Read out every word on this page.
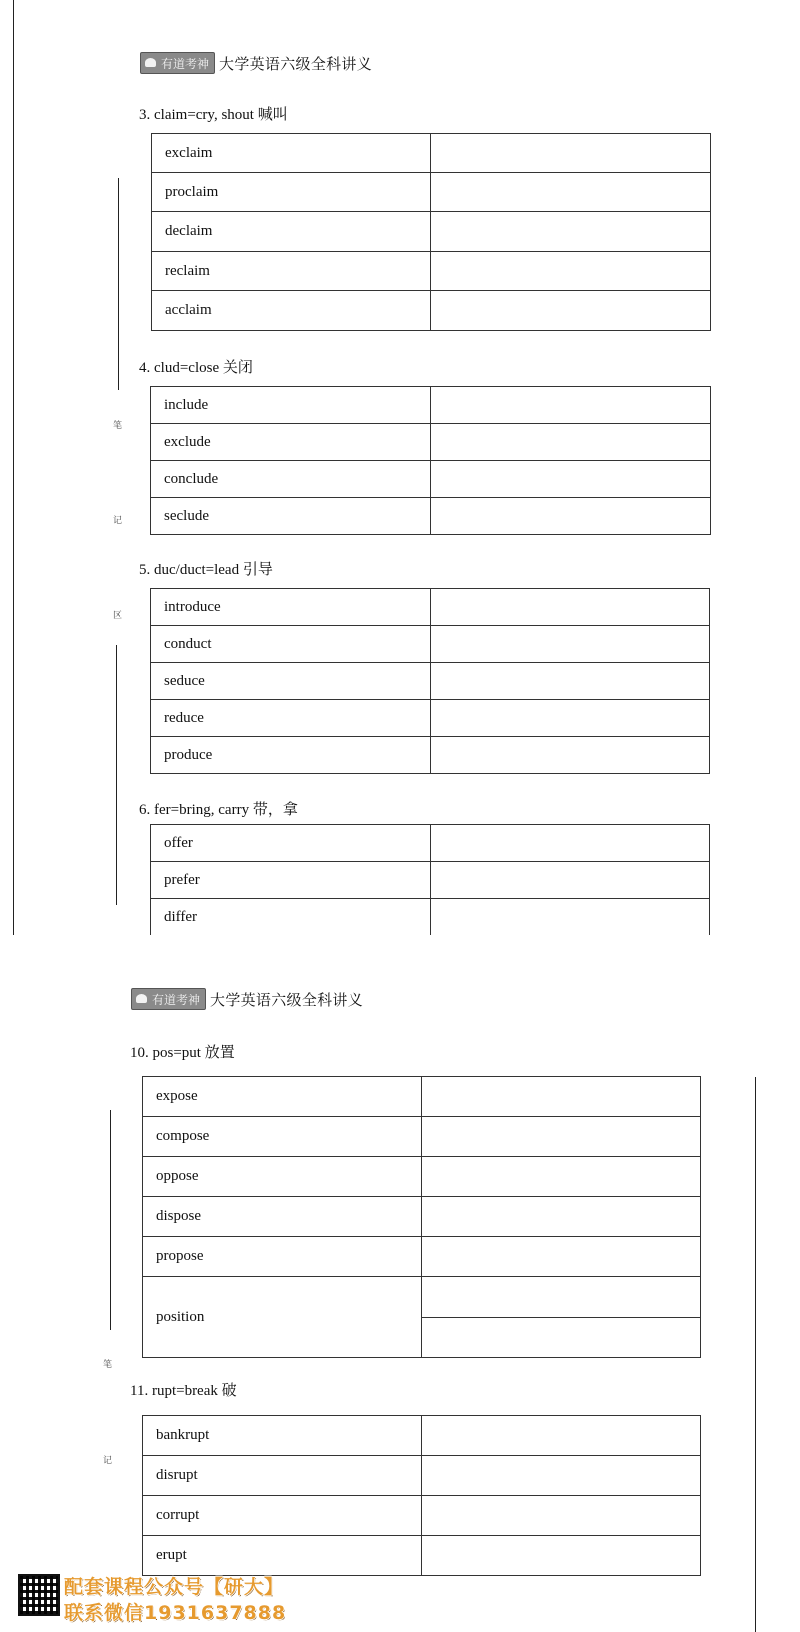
笔
记
区
有道考神 大学英语六级全科讲义
3. claim=cry, shout 喊叫
exclaim	
proclaim	
declaim	
reclaim	
acclaim	
4. clud=close 关闭
include	
exclude	
conclude	
seclude	
5. duc/duct=lead 引导
introduce	
conduct	
seduce	
reduce	
produce	
6. fer=bring, carry 带，拿
offer	
prefer	
differ	

笔
记
有道考神 大学英语六级全科讲义
10. pos=put 放置
expose	
compose	
oppose	
dispose	
propose	
position	
11. rupt=break 破
bankrupt	
disrupt	
corrupt	
erupt	
配套课程公众号【研大】
联系微信1931637888
